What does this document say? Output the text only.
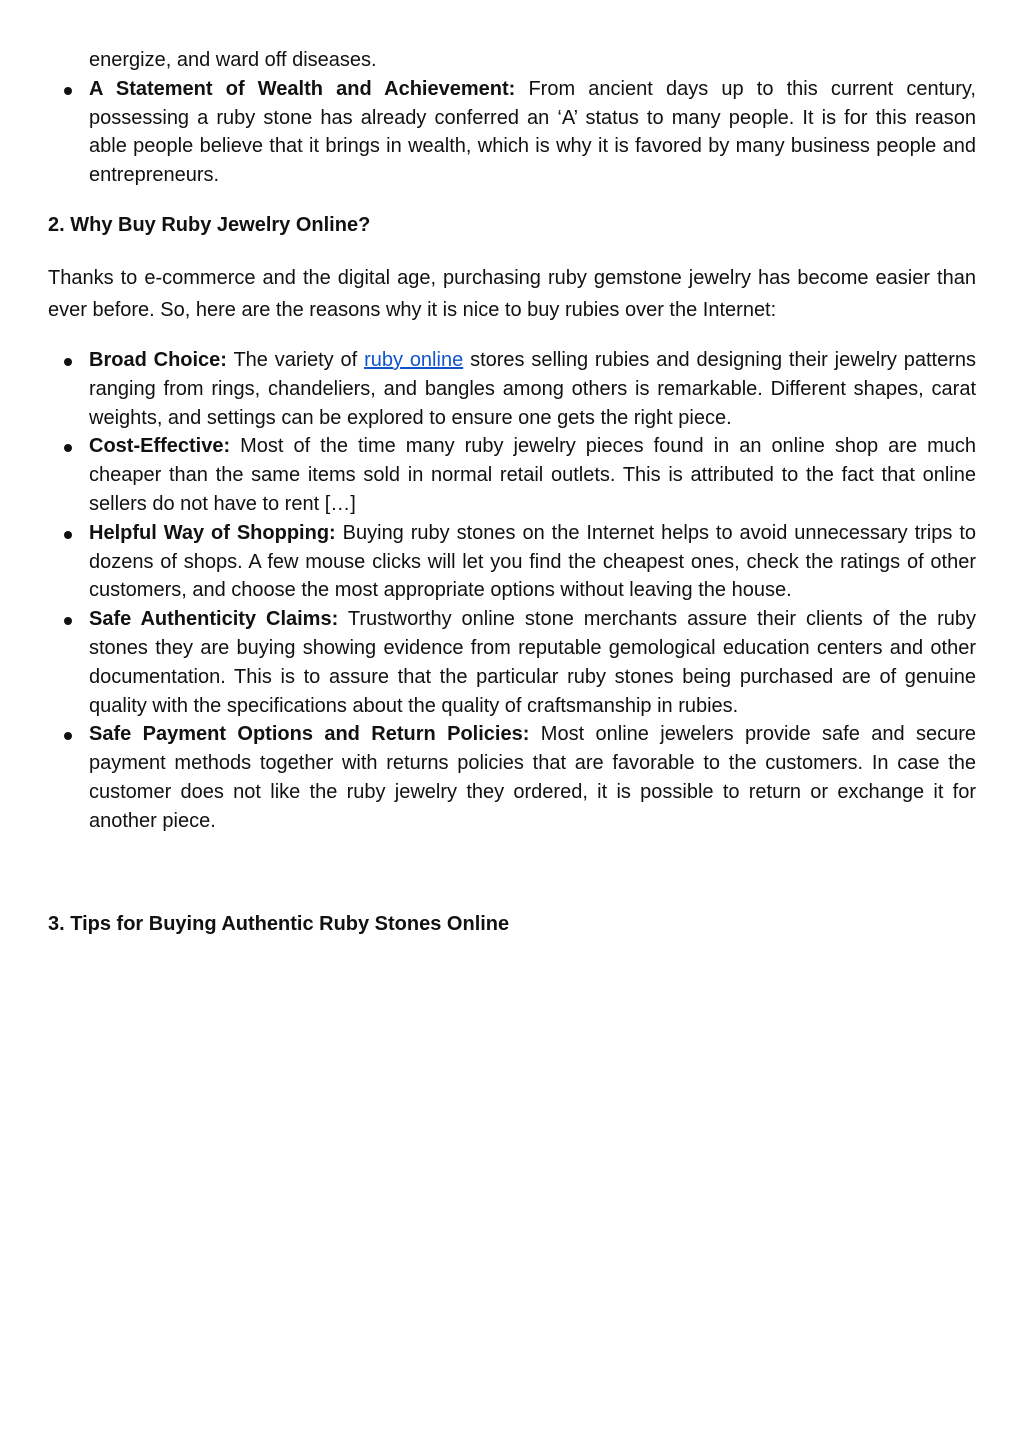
energize, and ward off diseases.
A Statement of Wealth and Achievement: From ancient days up to this current century, possessing a ruby stone has already conferred an ‘A’ status to many people. It is for this reason able people believe that it brings in wealth, which is why it is favored by many business people and entrepreneurs.
2. Why Buy Ruby Jewelry Online?

Thanks to e-commerce and the digital age, purchasing ruby gemstone jewelry has become easier than ever before. So, here are the reasons why it is nice to buy rubies over the Internet:

Broad Choice: The variety of ruby online stores selling rubies and designing their jewelry patterns ranging from rings, chandeliers, and bangles among others is remarkable. Different shapes, carat weights, and settings can be explored to ensure one gets the right piece.
Cost-Effective: Most of the time many ruby jewelry pieces found in an online shop are much cheaper than the same items sold in normal retail outlets. This is attributed to the fact that online sellers do not have to rent […]
Helpful Way of Shopping: Buying ruby stones on the Internet helps to avoid unnecessary trips to dozens of shops. A few mouse clicks will let you find the cheapest ones, check the ratings of other customers, and choose the most appropriate options without leaving the house.
Safe Authenticity Claims: Trustworthy online stone merchants assure their clients of the ruby stones they are buying showing evidence from reputable gemological education centers and other documentation. This is to assure that the particular ruby stones being purchased are of genuine quality with the specifications about the quality of craftsmanship in rubies.
Safe Payment Options and Return Policies: Most online jewelers provide safe and secure payment methods together with returns policies that are favorable to the customers. In case the customer does not like the ruby jewelry they ordered, it is possible to return or exchange it for another piece.
3. Tips for Buying Authentic Ruby Stones Online
